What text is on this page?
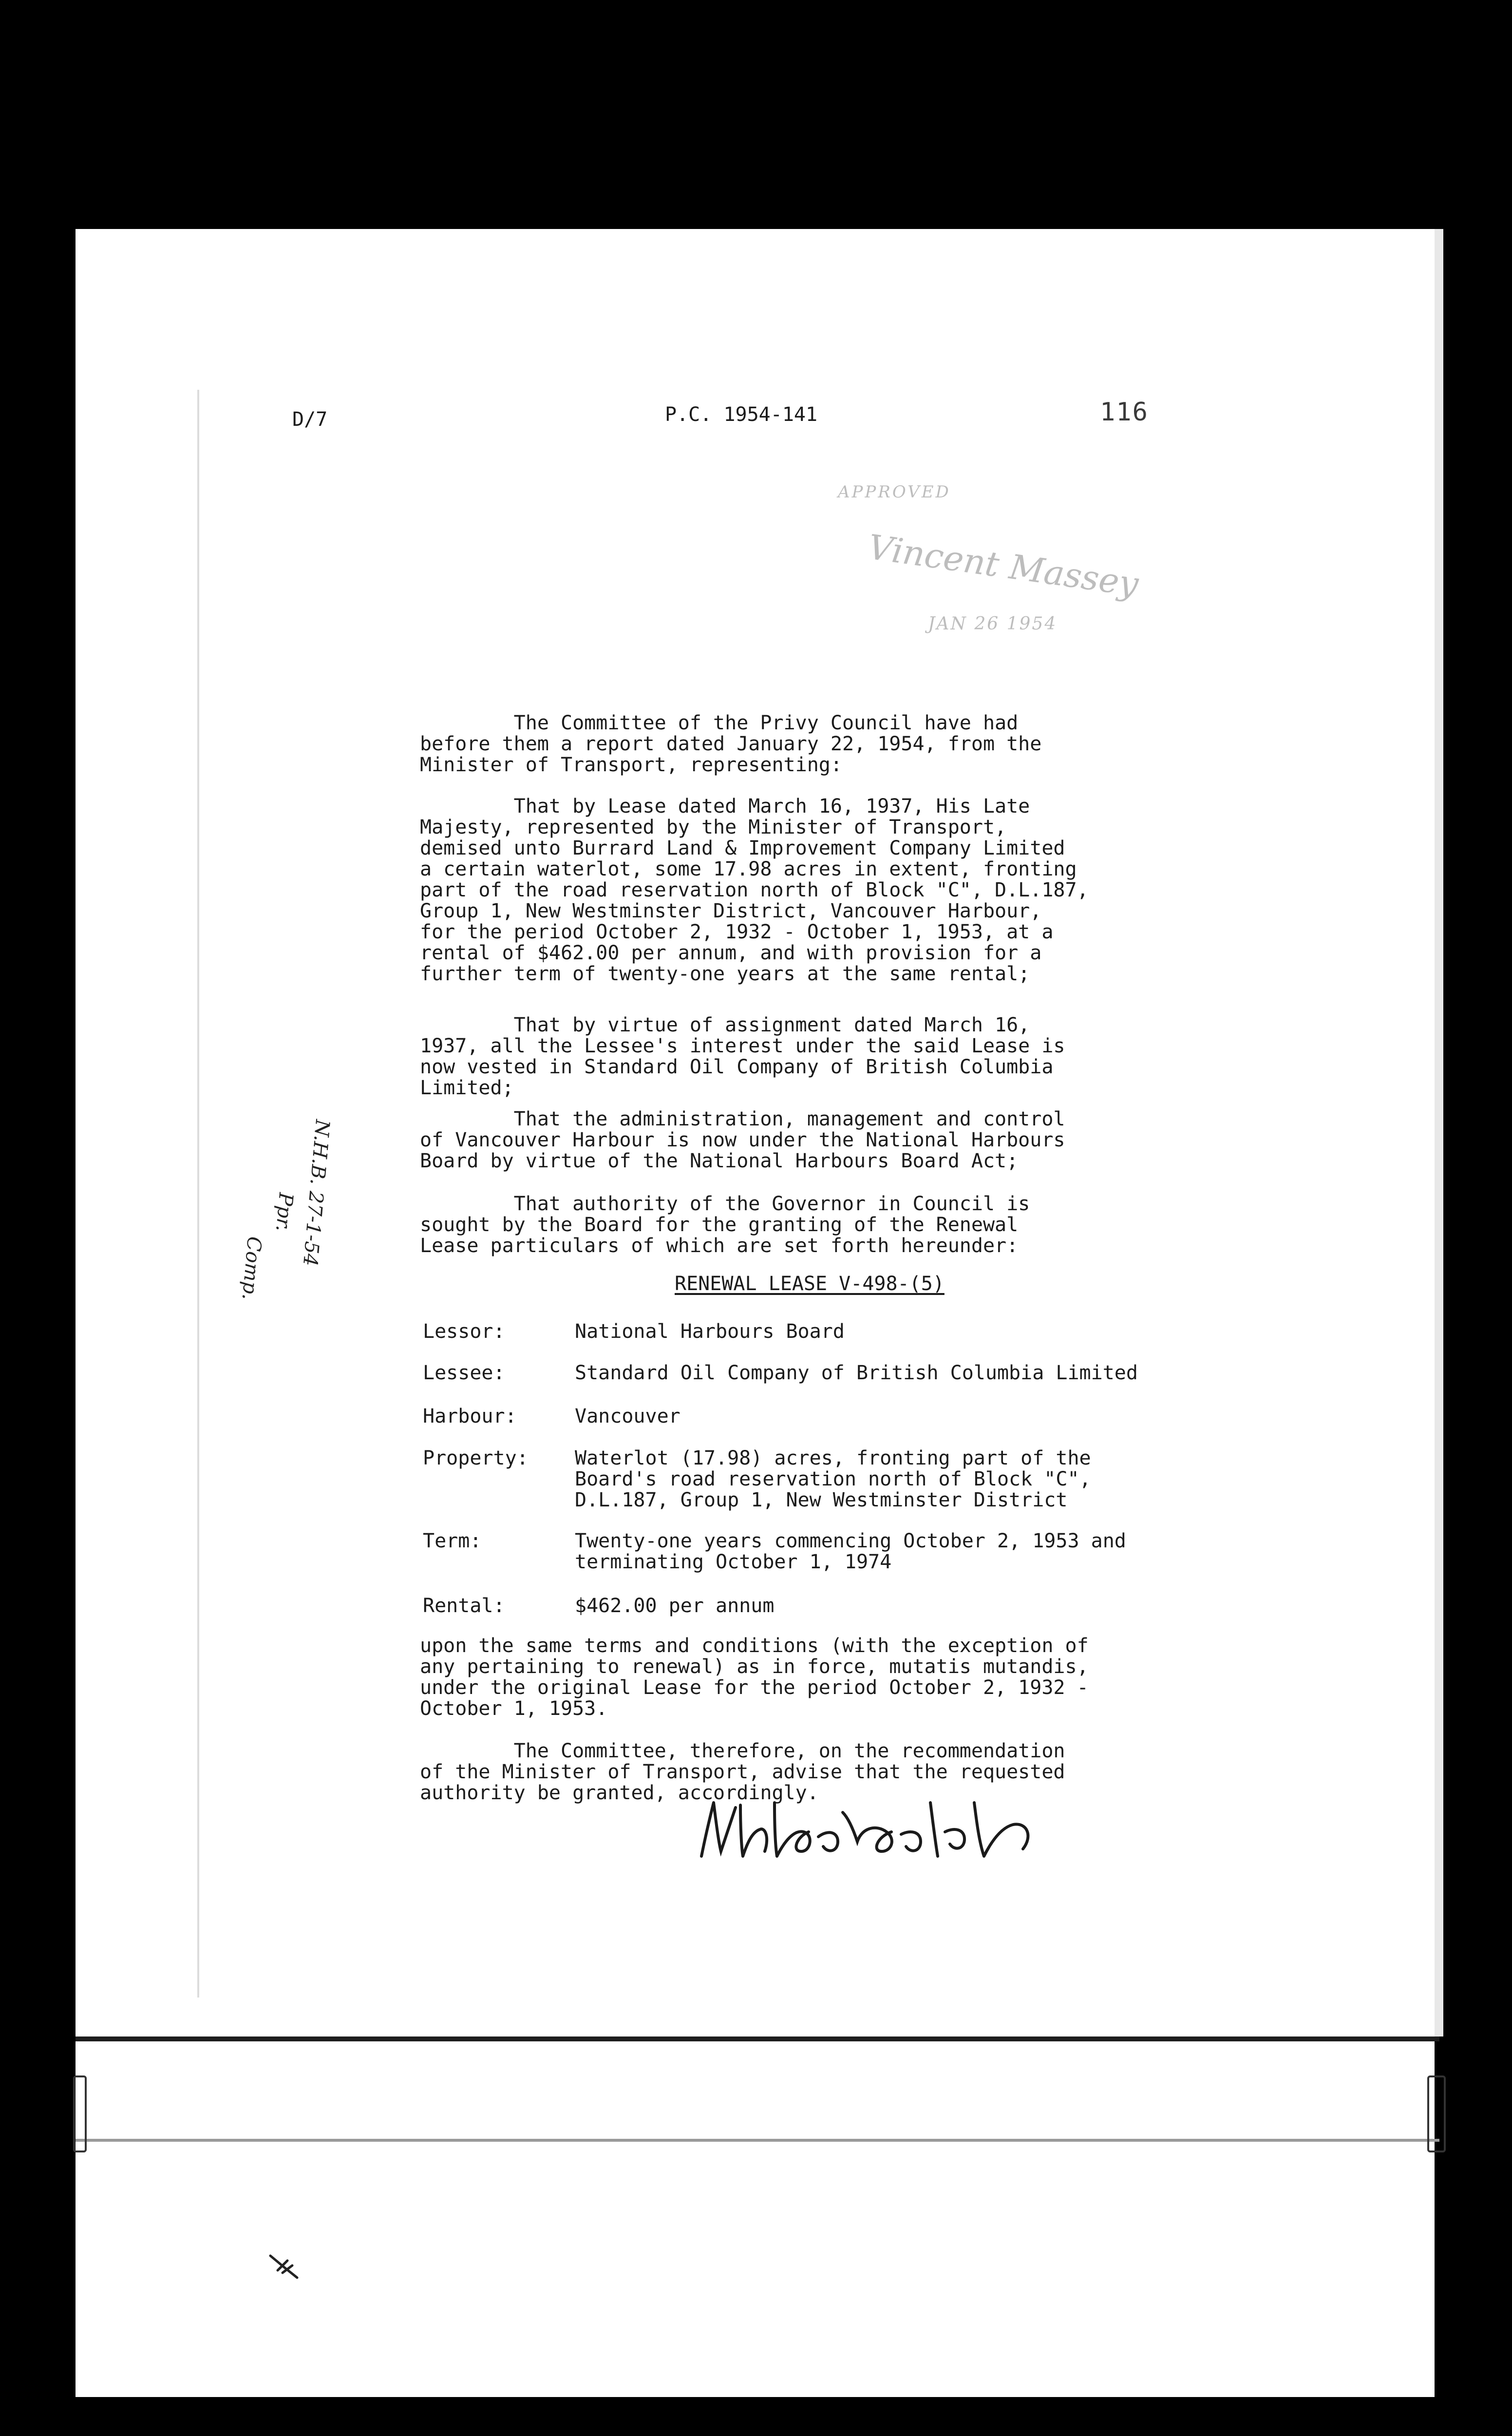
D/7	P.C. 1954-141	116
APPROVED
Vincent Massey
JAN 26 1954
The Committee of the Privy Council have had
before them a report dated January 22, 1954, from the
Minister of Transport, representing:
That by Lease dated March 16, 1937, His Late
Majesty, represented by the Minister of Transport,
demised unto Burrard Land & Improvement Company Limited
a certain waterlot, some 17.98 acres in extent, fronting
part of the road reservation north of Block "C", D.L.187,
Group 1, New Westminster District, Vancouver Harbour,
for the period October 2, 1932 - October 1, 1953, at a
rental of $462.00 per annum, and with provision for a
further term of twenty-one years at the same rental;
That by virtue of assignment dated March 16,
1937, all the Lessee's interest under the said Lease is
now vested in Standard Oil Company of British Columbia
Limited;
That the administration, management and control
of Vancouver Harbour is now under the National Harbours
Board by virtue of the National Harbours Board Act;
That authority of the Governor in Council is
sought by the Board for the granting of the Renewal
Lease particulars of which are set forth hereunder:
RENEWAL LEASE V-498-(5)
Lessor:	National Harbours Board
Lessee:	Standard Oil Company of British Columbia Limited
Harbour:	Vancouver
Property: Waterlot (17.98) acres, fronting part of the
Board's road reservation north of Block "C",
D.L.187, Group 1, New Westminster District
Term:	Twenty-one years commencing October 2, 1953 and
terminating October 1, 1974
Rental:	$462.00 per annum
upon the same terms and conditions (with the exception of
any pertaining to renewal) as in force, mutatis mutandis,
under the original Lease for the period October 2, 1932 -
October 1, 1953.
The Committee, therefore, on the recommendation
of the Minister of Transport, advise that the requested
authority be granted, accordingly.
N.H.B. 27-1-54
Ppr.
Comp.
